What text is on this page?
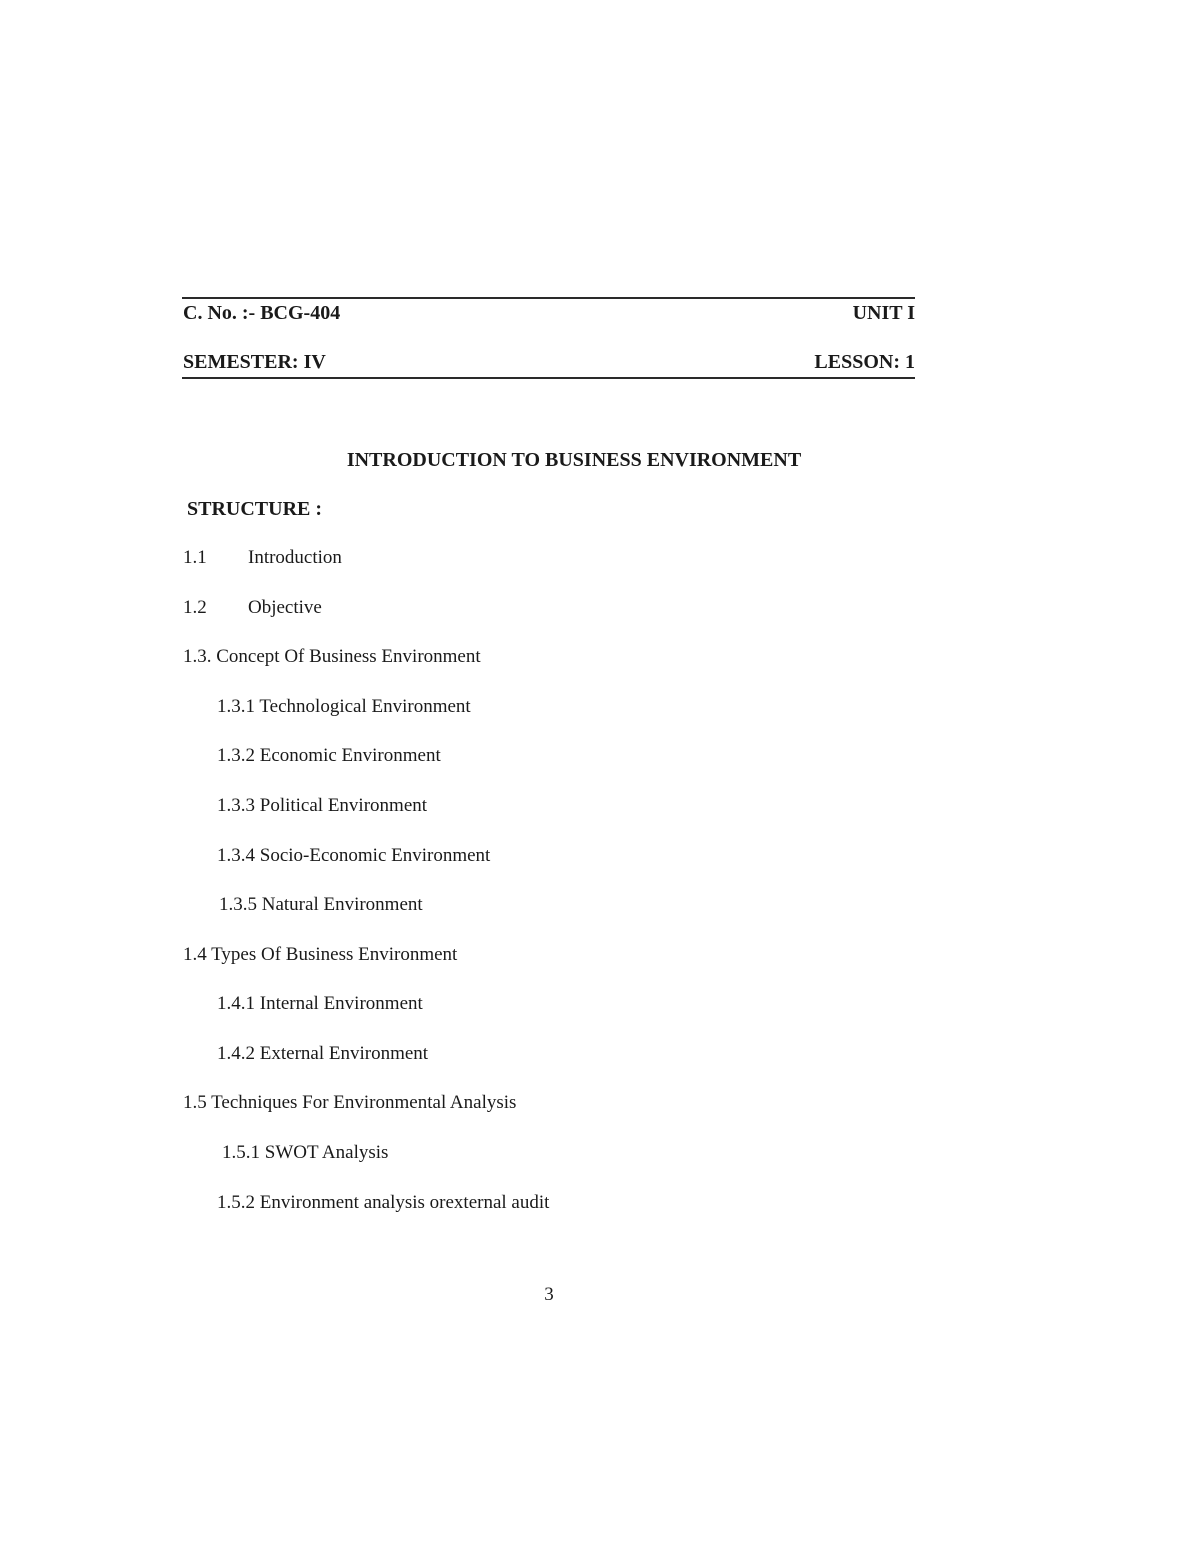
C. No. :- BCG-404	UNIT I
SEMESTER: IV	LESSON: 1
INTRODUCTION TO BUSINESS ENVIRONMENT
STRUCTURE :
1.1 Introduction
1.2 Objective
1.3. Concept Of Business Environment
1.3.1 Technological Environment
1.3.2 Economic Environment
1.3.3 Political Environment
1.3.4 Socio-Economic Environment
1.3.5 Natural Environment
1.4 Types Of Business Environment
1.4.1 Internal Environment
1.4.2 External Environment
1.5 Techniques For Environmental Analysis
1.5.1 SWOT Analysis
1.5.2 Environment analysis orexternal audit
3
